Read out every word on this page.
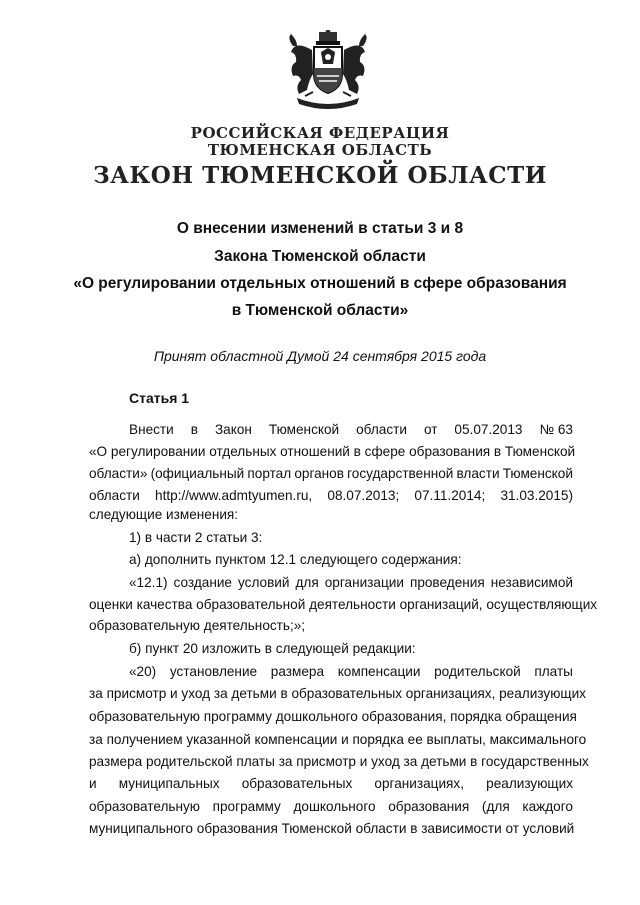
РОССИЙСКАЯ ФЕДЕРАЦИЯ
ТЮМЕНСКАЯ ОБЛАСТЬ
ЗАКОН ТЮМЕНСКОЙ ОБЛАСТИ
О внесении изменений в статьи 3 и 8
Закона Тюменской области
«О регулировании отдельных отношений в сфере образования
в Тюменской области»
Принят областной Думой 24 сентября 2015 года
Статья 1
Внести в Закон Тюменской области от 05.07.2013 № 63
«О регулировании отдельных отношений в сфере образования в Тюменской
области» (официальный портал органов государственной власти Тюменской
области http://www.admtyumen.ru, 08.07.2013; 07.11.2014; 31.03.2015)
следующие изменения:
1) в части 2 статьи 3:
а) дополнить пунктом 12.1 следующего содержания:
«12.1) создание условий для организации проведения независимой
оценки качества образовательной деятельности организаций, осуществляющих
образовательную деятельность;»;
б) пункт 20 изложить в следующей редакции:
«20) установление размера компенсации родительской платы
за присмотр и уход за детьми в образовательных организациях, реализующих
образовательную программу дошкольного образования, порядка обращения
за получением указанной компенсации и порядка ее выплаты, максимального
размера родительской платы за присмотр и уход за детьми в государственных
и муниципальных образовательных организациях, реализующих
образовательную программу дошкольного образования (для каждого
муниципального образования Тюменской области в зависимости от условий
